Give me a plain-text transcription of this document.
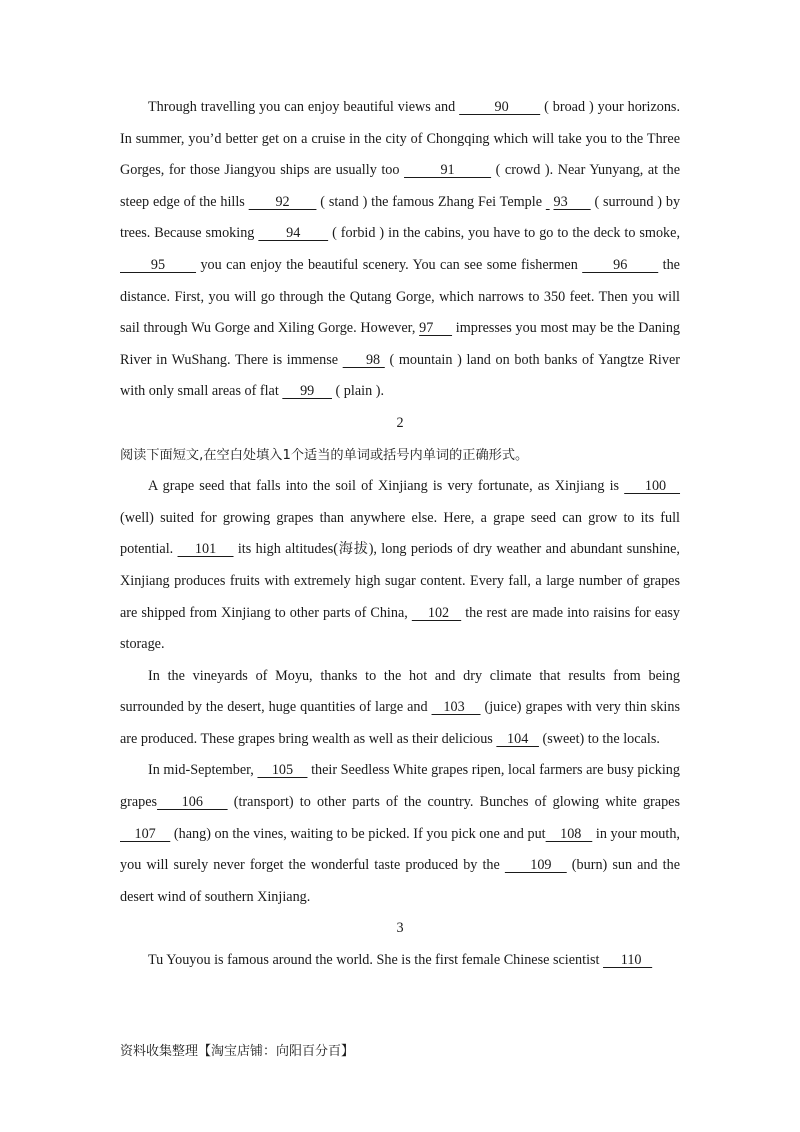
Through travelling you can enjoy beautiful views and          90         ( broad ) your horizons. In summer, you’d better get on a cruise in the city of Chongqing which will take you to the Three Gorges, for those Jiangyou ships are usually too         91         ( crowd ). Near Yunyang, at the steep edge of the hills        92        ( stand ) the famous Zhang Fei Temple   93       ( surround ) by trees. Because smoking        94        ( forbid ) in the cabins, you have to go to the deck to smoke,        95        you can enjoy the beautiful scenery. You can see some fishermen        96        the distance. First, you will go through the Qutang Gorge, which narrows to 350 feet. Then you will sail through Wu Gorge and Xiling Gorge. However, 97      impresses you most may be the Daning River in WuShang. There is immense      98  ( mountain ) land on both banks of Yangtze River with only small areas of flat      99      ( plain ).

2

阅读下面短文,在空白处填入1个适当的单词或括号内单词的正确形式。

A grape seed that falls into the soil of Xinjiang is very fortunate, as Xinjiang is     100    (well) suited for growing grapes than anywhere else. Here, a grape seed can grow to its full potential.     101     its high altitudes(海拔), long periods of dry weather and abundant sunshine, Xinjiang produces fruits with extremely high sugar content. Every fall, a large number of grapes are shipped from Xinjiang to other parts of China,     102    the rest are made into raisins for easy storage.

In the vineyards of Moyu, thanks to the hot and dry climate that results from being surrounded by the desert, huge quantities of large and    103     (juice) grapes with very thin skins are produced. These grapes bring wealth as well as their delicious    104    (sweet) to the locals.

In mid-September,     105     their Seedless White grapes ripen, local farmers are busy picking grapes    106     (transport) to other parts of the country. Bunches of glowing white grapes     107     (hang) on the vines, waiting to be picked. If you pick one and put    108    in your mouth, you will surely never forget the wonderful taste produced by the      109    (burn) sun and the desert wind of southern Xinjiang.

3

Tu Youyou is famous around the world. She is the first female Chinese scientist      110

资料收集整理【淘宝店铺：向阳百分百】
